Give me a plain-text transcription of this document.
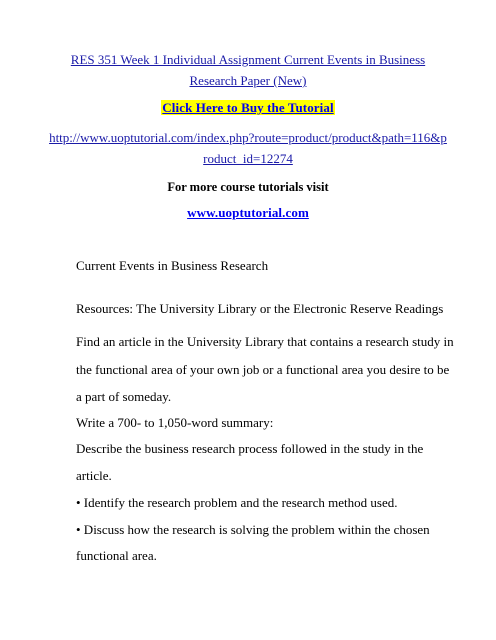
RES 351 Week 1 Individual Assignment Current Events in Business
Research Paper (New)
Click Here to Buy the Tutorial
http://www.uoptutorial.com/index.php?route=product/product&path=116&p
roduct_id=12274
For more course tutorials visit
www.uoptutorial.com
Current Events in Business Research
Resources: The University Library or the Electronic Reserve Readings
Find an article in the University Library that contains a research study in
the functional area of your own job or a functional area you desire to be
a part of someday.
Write a 700- to 1,050-word summary:
Describe the business research process followed in the study in the
article.
• Identify the research problem and the research method used.
• Discuss how the research is solving the problem within the chosen
functional area.
